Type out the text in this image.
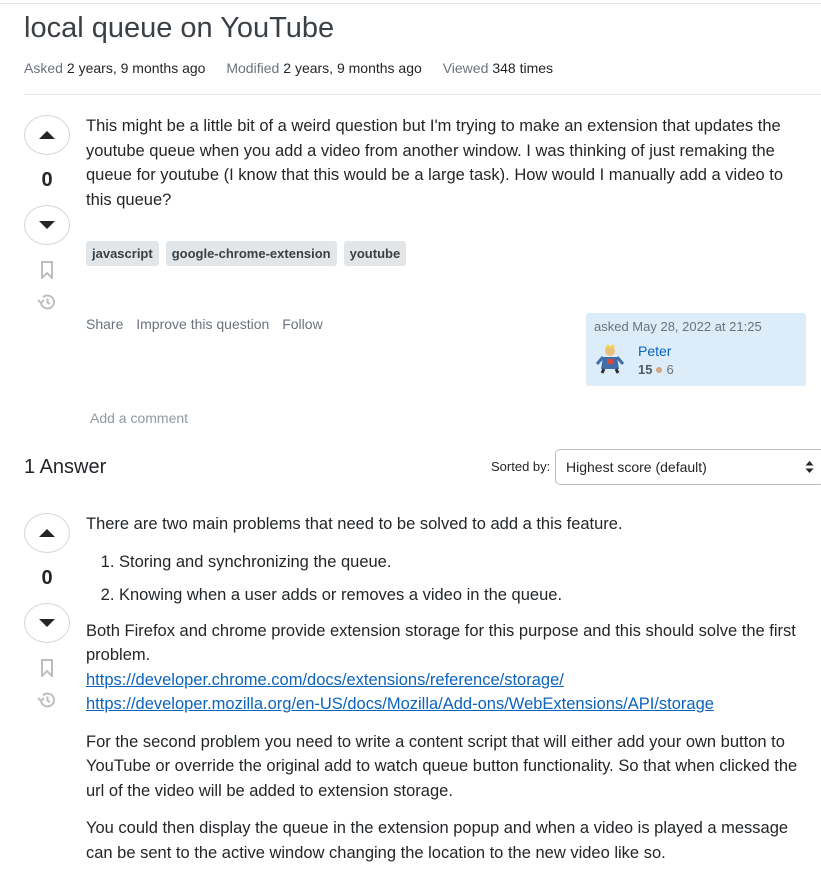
local queue on YouTube
Asked 2 years, 9 months ago Modified 2 years, 9 months ago Viewed 348 times
0

This might be a little bit of a weird question but I'm trying to make an extension that updates the youtube queue when you add a video from another window. I was thinking of just remaking the queue for youtube (I know that this would be a large task). How would I manually add a video to this queue?

javascript	google-chrome-extension	youtube
Share Improve this question Follow	asked May 28, 2022 at 21:25
Peter
15 6
Add a comment
1 Answer	Sorted by: Highest score (default)
0

There are two main problems that need to be solved to add a this feature.

1. Storing and synchronizing the queue.
2. Knowing when a user adds or removes a video in the queue.

Both Firefox and chrome provide extension storage for this purpose and this should solve the first problem.
https://developer.chrome.com/docs/extensions/reference/storage/
https://developer.mozilla.org/en-US/docs/Mozilla/Add-ons/WebExtensions/API/storage

For the second problem you need to write a content script that will either add your own button to YouTube or override the original add to watch queue button functionality. So that when clicked the url of the video will be added to extension storage.

You could then display the queue in the extension popup and when a video is played a message can be sent to the active window changing the location to the new video like so.
